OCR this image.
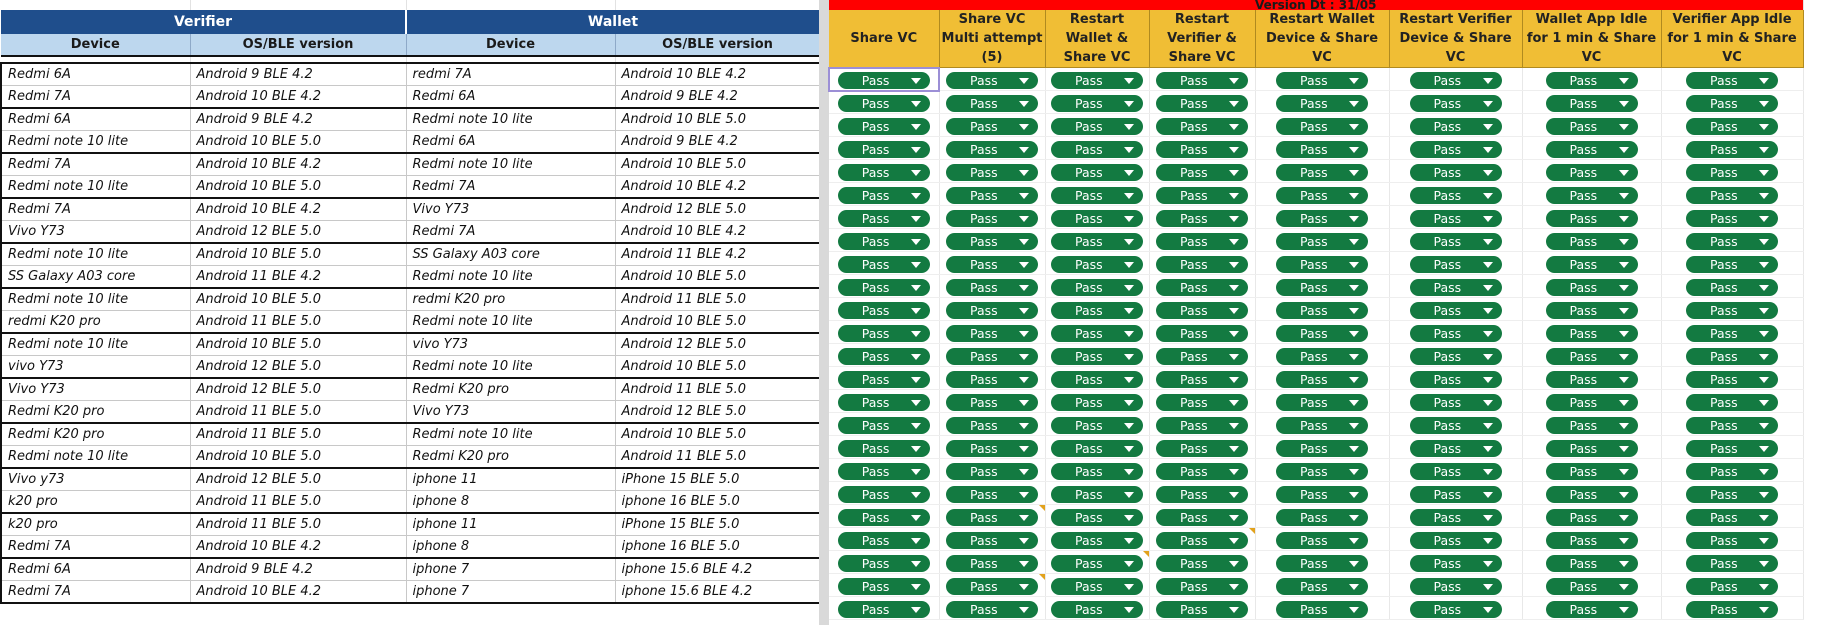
Verifier		Wallet	
Device	OS/BLE version	Device	OS/BLE version

Redmi 6A	Android 9 BLE 4.2	redmi 7A	Android 10 BLE 4.2
Redmi 7A	Android 10 BLE 4.2	Redmi 6A	Android 9 BLE 4.2
Redmi 6A	Android 9 BLE 4.2	Redmi note 10 lite	Android 10 BLE 5.0
Redmi note 10 lite	Android 10 BLE 5.0	Redmi 6A	Android 9 BLE 4.2
Redmi 7A	Android 10 BLE 4.2	Redmi note 10 lite	Android 10 BLE 5.0
Redmi note 10 lite	Android 10 BLE 5.0	Redmi 7A	Android 10 BLE 4.2
Redmi 7A	Android 10 BLE 4.2	Vivo Y73	Android 12 BLE 5.0
Vivo Y73	Android 12 BLE 5.0	Redmi 7A	Android 10 BLE 4.2
Redmi note 10 lite	Android 10 BLE 5.0	SS Galaxy A03 core	Android 11 BLE 4.2
SS Galaxy A03 core	Android 11 BLE 4.2	Redmi note 10 lite	Android 10 BLE 5.0
Redmi note 10 lite	Android 10 BLE 5.0	redmi K20 pro	Android 11 BLE 5.0
redmi K20 pro	Android 11 BLE 5.0	Redmi note 10 lite	Android 10 BLE 5.0
Redmi note 10 lite	Android 10 BLE 5.0	vivo Y73	Android 12 BLE 5.0
vivo Y73	Android 12 BLE 5.0	Redmi note 10 lite	Android 10 BLE 5.0
Vivo Y73	Android 12 BLE 5.0	Redmi K20 pro	Android 11 BLE 5.0
Redmi K20 pro	Android 11 BLE 5.0	Vivo Y73	Android 12 BLE 5.0
Redmi K20 pro	Android 11 BLE 5.0	Redmi note 10 lite	Android 10 BLE 5.0
Redmi note 10 lite	Android 10 BLE 5.0	Redmi K20 pro	Android 11 BLE 5.0
Vivo y73	Android 12 BLE 5.0	iphone 11	iPhone 15 BLE 5.0
k20 pro	Android 11 BLE 5.0	iphone 8	iphone 16 BLE 5.0
k20 pro	Android 11 BLE 5.0	iphone 11	iPhone 15 BLE 5.0
Redmi 7A	Android 10 BLE 4.2	iphone 8	iphone 16 BLE 5.0
Redmi 6A	Android 9 BLE 4.2	iphone 7	iphone 15.6 BLE 4.2
Redmi 7A	Android 10 BLE 4.2	iphone 7	iphone 15.6 BLE 4.2
Version Dt : 31/05							
Share VC	Share VC Multi attempt (5)	Restart Wallet & Share VC	Restart Verifier & Share VC	Restart Wallet Device & Share VC	Restart Verifier Device & Share VC	Wallet App Idle for 1 min & Share VC	Verifier App Idle for 1 min & Share VC
Pass	Pass	Pass	Pass	Pass	Pass	Pass	Pass

Pass	Pass	Pass	Pass	Pass	Pass	Pass	Pass

Pass	Pass	Pass	Pass	Pass	Pass	Pass	Pass

Pass	Pass	Pass	Pass	Pass	Pass	Pass	Pass

Pass	Pass	Pass	Pass	Pass	Pass	Pass	Pass

Pass	Pass	Pass	Pass	Pass	Pass	Pass	Pass

Pass	Pass	Pass	Pass	Pass	Pass	Pass	Pass

Pass	Pass	Pass	Pass	Pass	Pass	Pass	Pass

Pass	Pass	Pass	Pass	Pass	Pass	Pass	Pass

Pass	Pass	Pass	Pass	Pass	Pass	Pass	Pass

Pass	Pass	Pass	Pass	Pass	Pass	Pass	Pass

Pass	Pass	Pass	Pass	Pass	Pass	Pass	Pass

Pass	Pass	Pass	Pass	Pass	Pass	Pass	Pass

Pass	Pass	Pass	Pass	Pass	Pass	Pass	Pass

Pass	Pass	Pass	Pass	Pass	Pass	Pass	Pass

Pass	Pass	Pass	Pass	Pass	Pass	Pass	Pass

Pass	Pass	Pass	Pass	Pass	Pass	Pass	Pass

Pass	Pass	Pass	Pass	Pass	Pass	Pass	Pass

Pass	Pass	Pass	Pass	Pass	Pass	Pass	Pass

Pass	Pass	Pass	Pass	Pass	Pass	Pass	Pass

Pass	Pass	Pass	Pass	Pass	Pass	Pass	Pass

Pass	Pass	Pass	Pass	Pass	Pass	Pass	Pass

Pass	Pass	Pass	Pass	Pass	Pass	Pass	Pass

Pass	Pass	Pass	Pass	Pass	Pass	Pass	Pass
